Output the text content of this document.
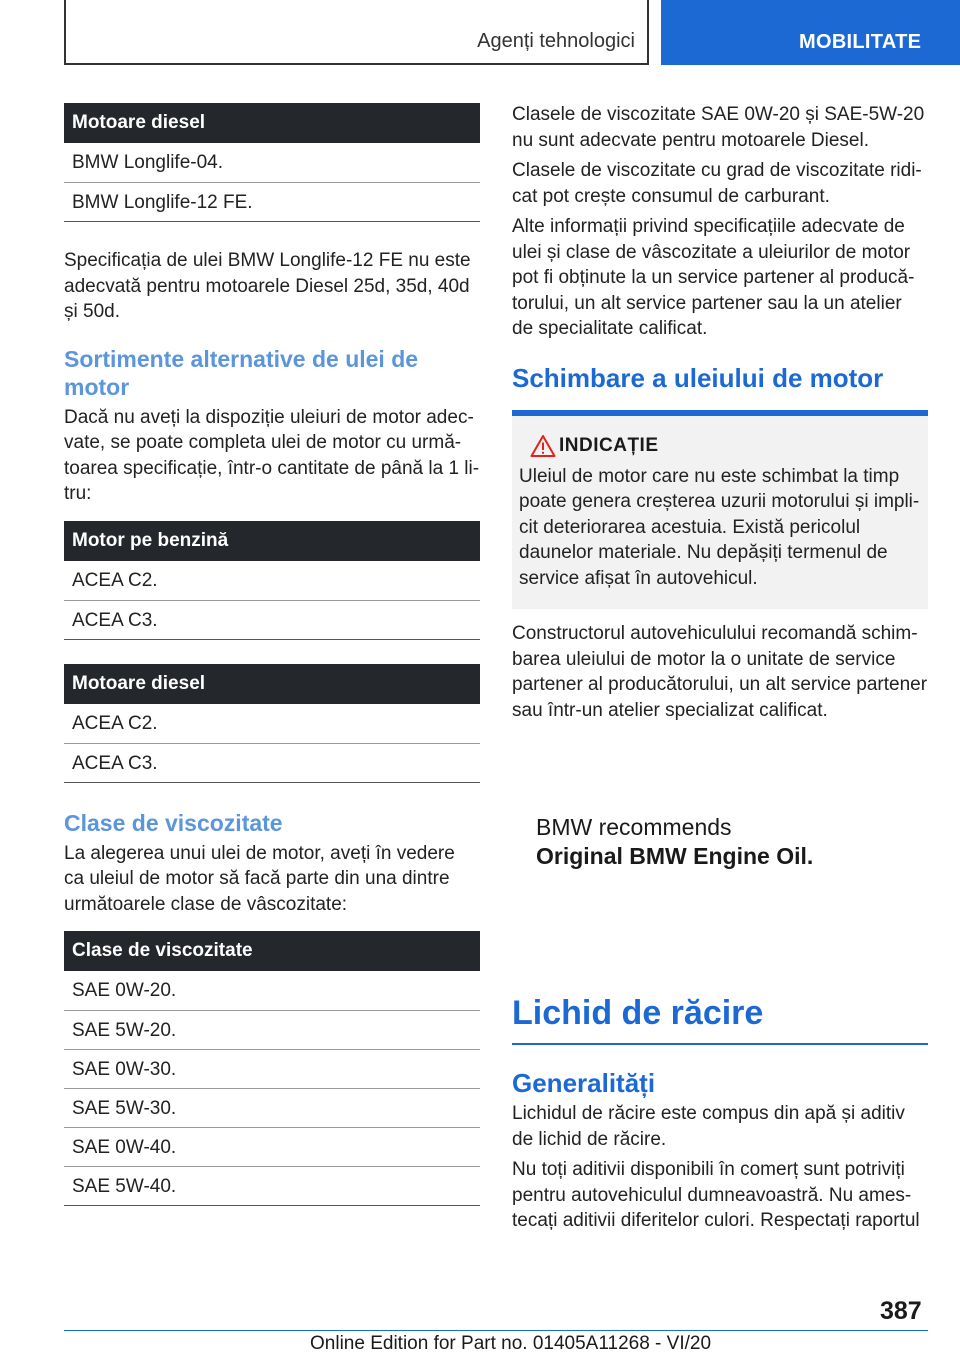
Agenți tehnologici	MOBILITATE
Motoare diesel
BMW Longlife-04.
BMW Longlife-12 FE.

Specificația de ulei BMW Longlife-12 FE nu este adecvată pentru motoarele Diesel 25d, 35d, 40d și 50d.

Sortimente alternative de ulei de motor

Dacă nu aveți la dispoziție uleiuri de motor adecvate, se poate completa ulei de motor cu următoarea specificație, într-o cantitate de până la 1 litru:

Motor pe benzină
ACEA C2.
ACEA C3.
Motoare diesel
ACEA C2.
ACEA C3.
Clase de viscozitate

La alegerea unui ulei de motor, aveți în vedere ca uleiul de motor să facă parte din una dintre următoarele clase de vâscozitate:

Clase de viscozitate
SAE 0W-20.
SAE 5W-20.
SAE 0W-30.
SAE 5W-30.
SAE 0W-40.
SAE 5W-40.

Clasele de viscozitate SAE 0W-20 și SAE-5W-20 nu sunt adecvate pentru motoarele Diesel.

Clasele de viscozitate cu grad de viscozitate ridicat pot crește consumul de carburant.

Alte informații privind specificațiile adecvate de ulei și clase de vâscozitate a uleiurilor de motor pot fi obținute la un service partener al producătorului, un alt service partener sau la un atelier de specialitate calificat.

Schimbare a uleiului de motor
INDICAȚIE

Uleiul de motor care nu este schimbat la timp poate genera creșterea uzurii motorului și implicit deteriorarea acestuia. Există pericolul daunelor materiale. Nu depășiți termenul de service afișat în autovehicul.

Constructorul autovehiculului recomandă schimbarea uleiului de motor la o unitate de service partener al producătorului, un alt service partener sau într-un atelier specializat calificat.

BMW recommends
Original BMW Engine Oil.
Lichid de răcire
Generalități

Lichidul de răcire este compus din apă și aditiv de lichid de răcire.

Nu toți aditivii disponibili în comerț sunt potriviți pentru autovehiculul dumneavoastră. Nu amestecați aditivii diferitelor culori. Respectați raportul

387
Online Edition for Part no. 01405A11268 - VI/20
